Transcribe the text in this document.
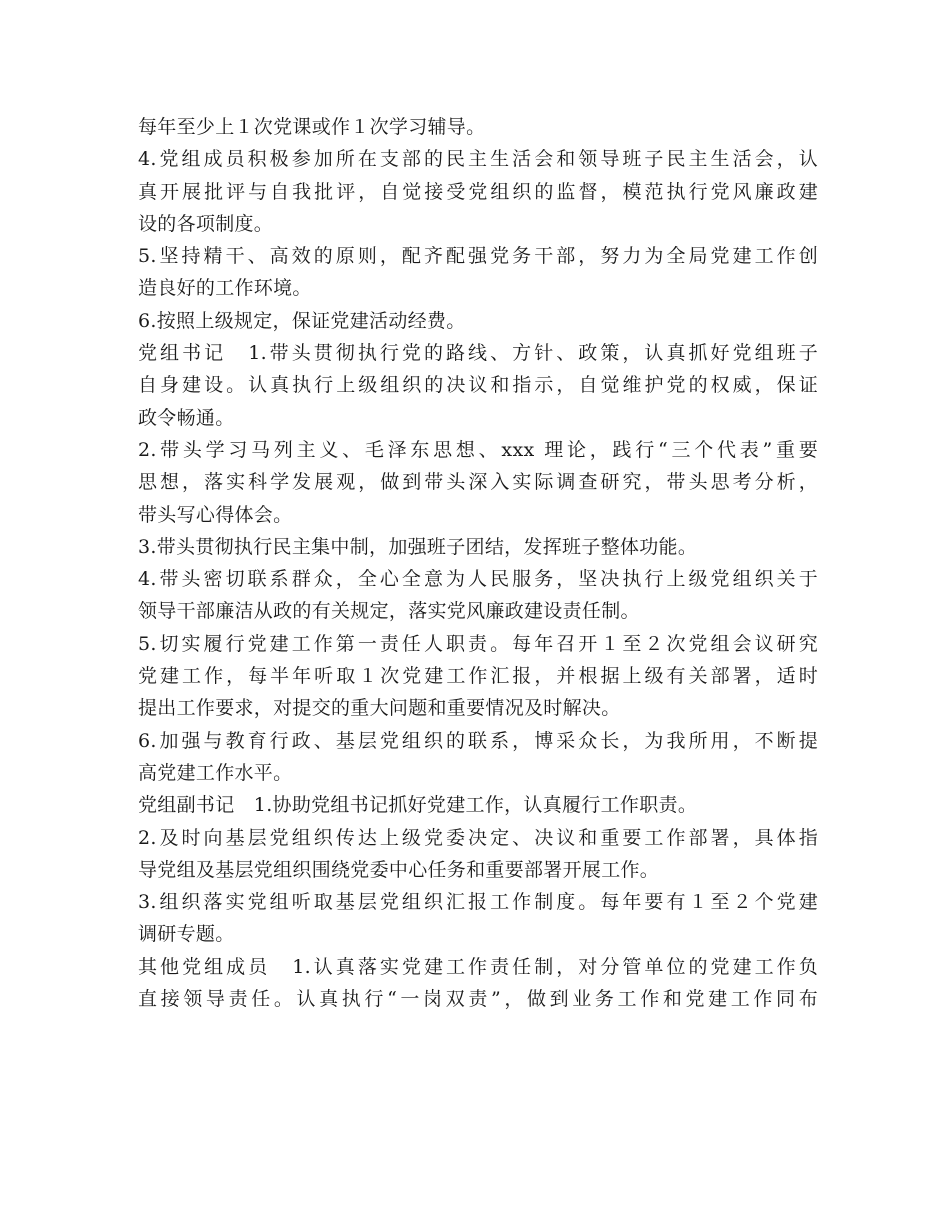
每年至少上１次党课或作１次学习辅导。
4.党组成员积极参加所在支部的民主生活会和领导班子民主生活会，认
真开展批评与自我批评，自觉接受党组织的监督，模范执行党风廉政建
设的各项制度。
5.坚持精干、高效的原则，配齐配强党务干部，努力为全局党建工作创
造良好的工作环境。
6.按照上级规定，保证党建活动经费。
党组书记　1.带头贯彻执行党的路线、方针、政策，认真抓好党组班子
自身建设。认真执行上级组织的决议和指示，自觉维护党的权威，保证
政令畅通。
2.带头学习马列主义、毛泽东思想、xxx 理论，践行“三个代表”重要
思想，落实科学发展观，做到带头深入实际调查研究，带头思考分析，
带头写心得体会。
3.带头贯彻执行民主集中制，加强班子团结，发挥班子整体功能。
4.带头密切联系群众，全心全意为人民服务，坚决执行上级党组织关于
领导干部廉洁从政的有关规定，落实党风廉政建设责任制。
5.切实履行党建工作第一责任人职责。每年召开１至２次党组会议研究
党建工作，每半年听取１次党建工作汇报，并根据上级有关部署，适时
提出工作要求，对提交的重大问题和重要情况及时解决。
6.加强与教育行政、基层党组织的联系，博采众长，为我所用，不断提
高党建工作水平。
党组副书记　1.协助党组书记抓好党建工作，认真履行工作职责。
2.及时向基层党组织传达上级党委决定、决议和重要工作部署，具体指
导党组及基层党组织围绕党委中心任务和重要部署开展工作。
3.组织落实党组听取基层党组织汇报工作制度。每年要有１至２个党建
调研专题。
其他党组成员　1.认真落实党建工作责任制，对分管单位的党建工作负
直接领导责任。认真执行“一岗双责”，做到业务工作和党建工作同布
